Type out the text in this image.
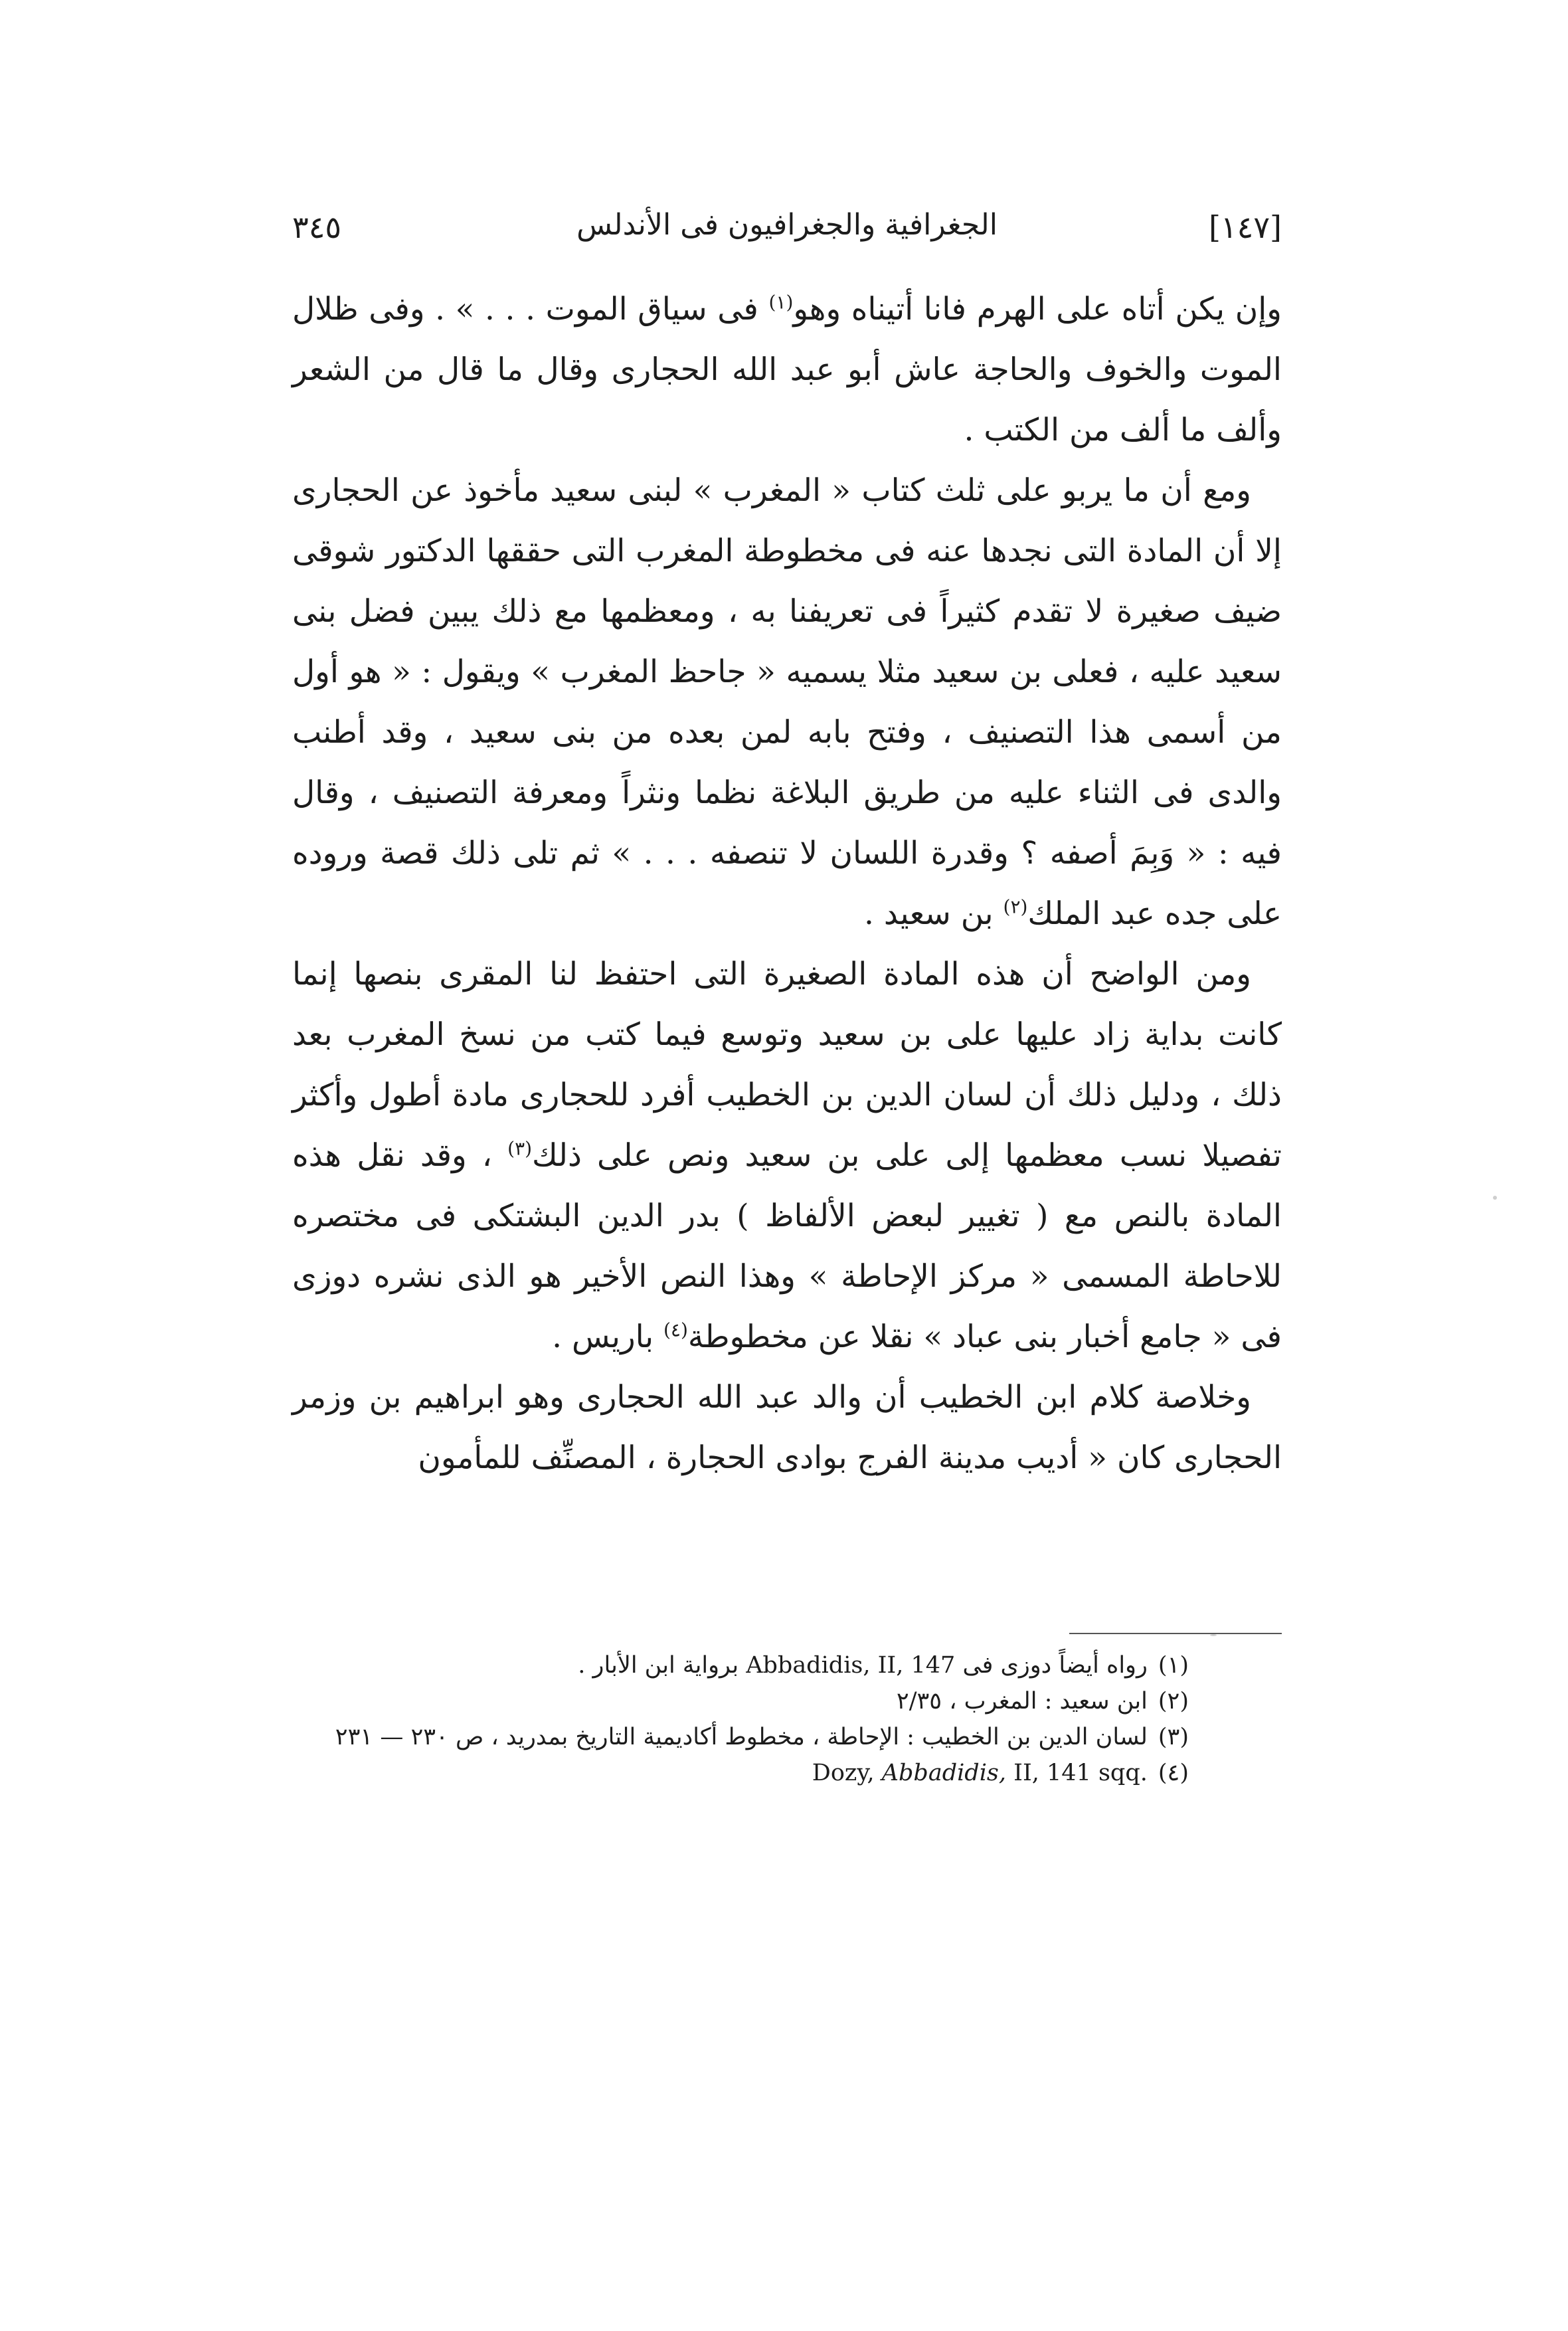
٣٤٥	الجغرافية والجغرافيون فى الأندلس	[١٤٧]

وإن يكن أتاه على الهرم فانا أتيناه وهو$^{(١)}$ فى سياق الموت . . . » . وفى ظلال الموت والخوف والحاجة عاش أبو عبد الله الحجارى وقال ما قال من الشعر وألف ما ألف من الكتب .

ومع أن ما يربو على ثلث كتاب « المغرب » لبنى سعيد مأخوذ عن الحجارى إلا أن المادة التى نجدها عنه فى مخطوطة المغرب التى حققها الدكتور شوقى ضيف صغيرة لا تقدم كثيراً فى تعريفنا به ، ومعظمها مع ذلك يبين فضل بنى سعيد عليه ، فعلى بن سعيد مثلا يسميه « جاحظ المغرب » ويقول : « هو أول من أسمى هذا التصنيف ، وفتح بابه لمن بعده من بنى سعيد ، وقد أطنب والدى فى الثناء عليه من طريق البلاغة نظما ونثراً ومعرفة التصنيف ، وقال فيه : « وَبِمَ أصفه ؟ وقدرة اللسان لا تنصفه . . . » ثم تلى ذلك قصة وروده على جده عبد الملك$^{(٢)}$ بن سعيد .

ومن الواضح أن هذه المادة الصغيرة التى احتفظ لنا المقرى بنصها إنما كانت بداية زاد عليها على بن سعيد وتوسع فيما كتب من نسخ المغرب بعد ذلك ، ودليل ذلك أن لسان الدين بن الخطيب أفرد للحجارى مادة أطول وأكثر تفصيلا نسب معظمها إلى على بن سعيد ونص على ذلك$^{(٣)}$ ، وقد نقل هذه المادة بالنص مع ( تغيير لبعض الألفاظ ) بدر الدين البشتكى فى مختصره للاحاطة المسمى « مركز الإحاطة » وهذا النص الأخير هو الذى نشره دوزى فى « جامع أخبار بنى عباد » نقلا عن مخطوطة$^{(٤)}$ باريس .

وخلاصة كلام ابن الخطيب أن والد عبد الله الحجارى وهو ابراهيم بن وزمر الحجارى كان « أديب مدينة الفرج بوادى الحجارة ، المصنِّف للمأمون

(١)
رواه أيضاً دوزى فى

Abbadidis, II, 147

برواية ابن الأبار .
(٢)
ابن سعيد : المغرب ، ٢/٣٥
(٣)
لسان الدين بن الخطيب : الإحاطة ، مخطوط أكاديمية التاريخ بمدريد ، ص ٢٣٠ — ٢٣١
(٤)
Dozy, Abbadidis, II, 141 sqq.
